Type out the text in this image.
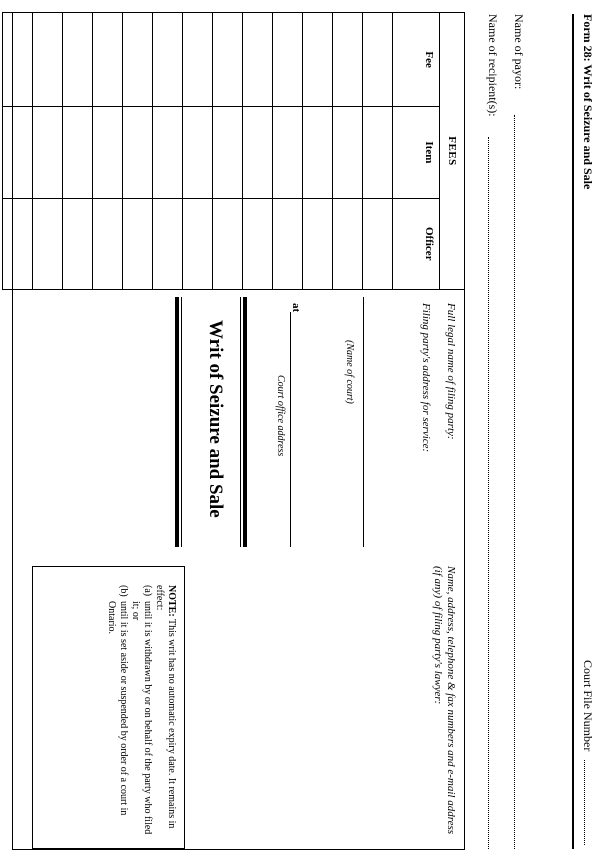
Form 28: Writ of Seizure and Sale
Court File Number
Name of payor:
Name of recipient(s):
FEES		
Fee	Item	Officer

Full legal name of filing party:
Filing party's address for service:
(Name of court)
at
Court office address
Writ of Seizure and Sale
Name, address, telephone & fax numbers and e-mail address (if any) of filing party's lawyer:

NOTE: This writ has no automatic expiry date. It remains in effect:

(a)
until it is withdrawn by or on behalf of the party who filed it; or
(b)
until it is set aside or suspended by order of a court in Ontario.
